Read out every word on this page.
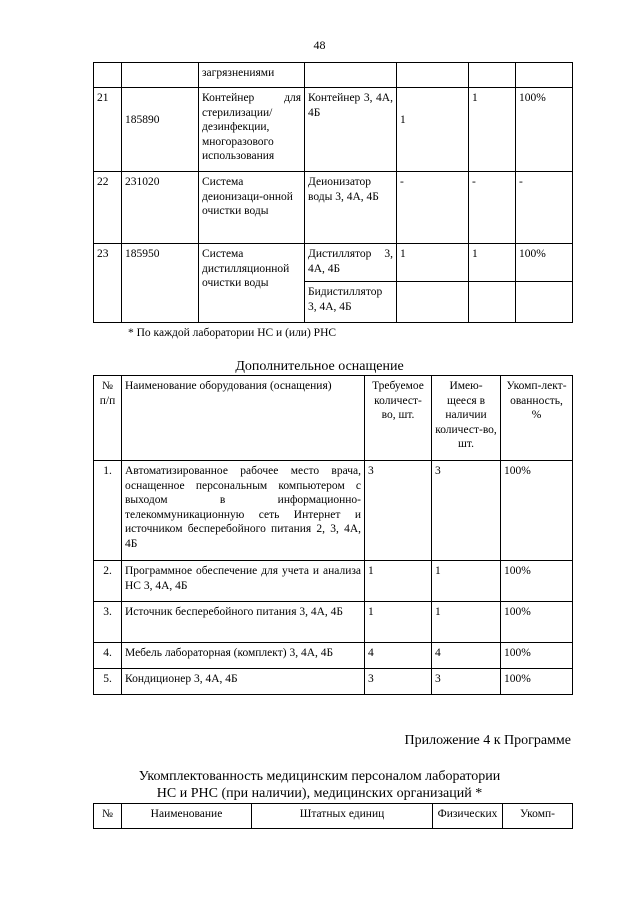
48
		загрязнениями				
21	185890	Контейнер для стерилизации/ дезинфекции, многоразового использования	Контейнер 3, 4А, 4Б	1	1	100%
22	231020	Система деионизаци-онной очистки воды	Деионизатор воды 3, 4А, 4Б	-	-	-
23	185950	Система дистилляционной очистки воды	Дистиллятор 3, 4А, 4Б	1	1	100%
			Бидистиллятор 3, 4А, 4Б			
* По каждой лаборатории НС и (или) РНС
Дополнительное оснащение
№ п/п	Наименование оборудования (оснащения)	Требуемое количест-во, шт.	Имею-щееся в наличии количест-во, шт.	Укомп-лект-ованность, %
1.	Автоматизированное рабочее место врача, оснащенное персональным компьютером с выходом в информационно-телекоммуникационную сеть Интернет и источником бесперебойного питания 2, 3, 4А, 4Б	3	3	100%
2.	Программное обеспечение для учета и анализа НС 3, 4А, 4Б	1	1	100%
3.	Источник бесперебойного питания 3, 4А, 4Б	1	1	100%
4.	Мебель лабораторная (комплект) 3, 4А, 4Б	4	4	100%
5.	Кондиционер 3, 4А, 4Б	3	3	100%
Приложение 4 к Программе
Укомплектованность медицинским персоналом лаборатории
НС и РНС (при наличии), медицинских организаций *
№	Наименование	Штатных единиц	Физических	Укомп-
